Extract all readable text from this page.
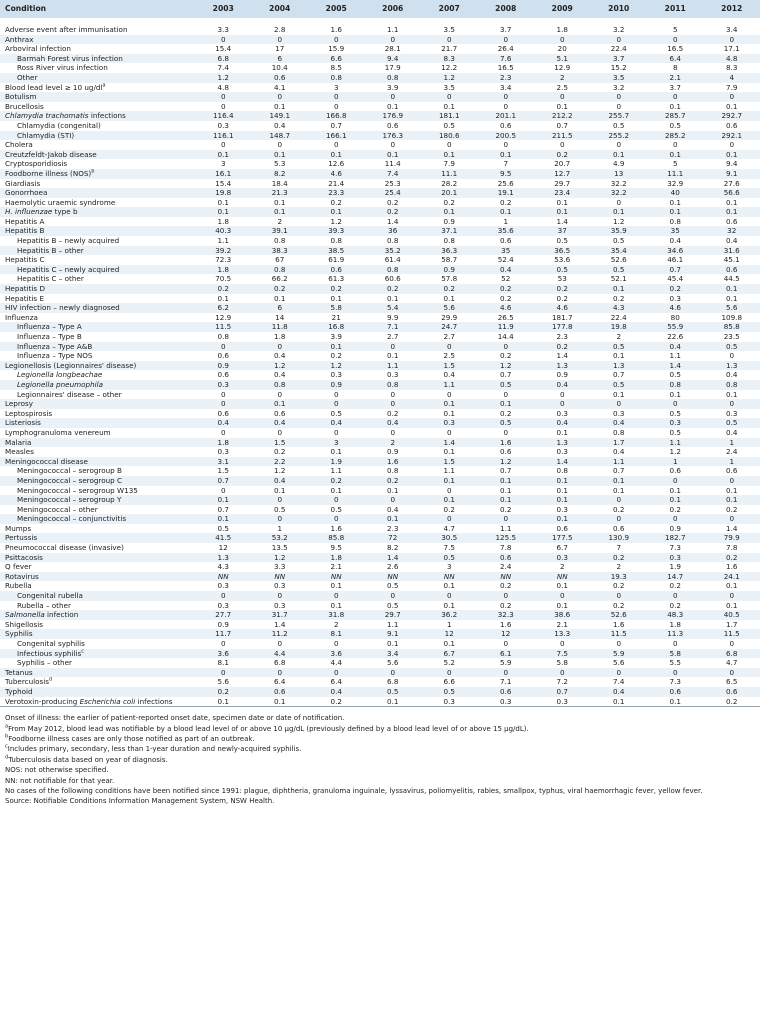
Condition	2003	2004	2005	2006	2007	2008	2009	2010	2011	2012

Adverse event after immunisation	3.3	2.8	1.6	1.1	3.5	3.7	1.8	3.2	5	3.4
Anthrax	0	0	0	0	0	0	0	0	0	0
Arboviral infection	15.4	17	15.9	28.1	21.7	26.4	20	22.4	16.5	17.1
Barmah Forest virus infection	6.8	6	6.6	9.4	8.3	7.6	5.1	3.7	6.4	4.8
Ross River virus infection	7.4	10.4	8.5	17.9	12.2	16.5	12.9	15.2	8	8.3
Other	1.2	0.6	0.8	0.8	1.2	2.3	2	3.5	2.1	4
Blood lead level ≥ 10 $ug/dl^a$	4.8	4.1	3	3.9	3.5	3.4	2.5	3.2	3.7	7.9
Botulism	0	0	0	0	0	0	0	0	0	0
Brucellosis	0	0.1	0	0.1	0.1	0	0.1	0	0.1	0.1
Chlamydia trachomatis infections	116.4	149.1	166.8	176.9	181.1	201.1	212.2	255.7	285.7	292.7
Chlamydia (congenital)	0.3	0.4	0.7	0.6	0.5	0.6	0.7	0.5	0.5	0.6
Chlamydia (STI)	116.1	148.7	166.1	176.3	180.6	200.5	211.5	255.2	285.2	292.1
Cholera	0	0	0	0	0	0	0	0	0	0
Creutzfeldt-Jakob disease	0.1	0.1	0.1	0.1	0.1	0.1	0.2	0.1	0.1	0.1
Cryptosporidiosis	3	5.3	12.6	11.4	7.9	7	20.7	4.9	5	9.4
Foodborne illness (NOS)$^b$	16.1	8.2	4.6	7.4	11.1	9.5	12.7	13	11.1	9.1
Giardiasis	15.4	18.4	21.4	25.3	28.2	25.6	29.7	32.2	32.9	27.6
Gonorrhoea	19.8	21.3	23.3	25.4	20.1	19.1	23.4	32.2	40	56.6
Haemolytic uraemic syndrome	0.1	0.1	0.2	0.2	0.2	0.2	0.1	0	0.1	0.1
H. influenzae type b	0.1	0.1	0.1	0.2	0.1	0.1	0.1	0.1	0.1	0.1
Hepatitis A	1.8	2	1.2	1.4	0.9	1	1.4	1.2	0.8	0.6
Hepatitis B	40.3	39.1	39.3	36	37.1	35.6	37	35.9	35	32
Hepatitis B – newly acquired	1.1	0.8	0.8	0.8	0.8	0.6	0.5	0.5	0.4	0.4
Hepatitis B – other	39.2	38.3	38.5	35.2	36.3	35	36.5	35.4	34.6	31.6
Hepatitis C	72.3	67	61.9	61.4	58.7	52.4	53.6	52.6	46.1	45.1
Hepatitis C – newly acquired	1.8	0.8	0.6	0.8	0.9	0.4	0.5	0.5	0.7	0.6
Hepatitis C – other	70.5	66.2	61.3	60.6	57.8	52	53	52.1	45.4	44.5
Hepatitis D	0.2	0.2	0.2	0.2	0.2	0.2	0.2	0.1	0.2	0.1
Hepatitis E	0.1	0.1	0.1	0.1	0.1	0.2	0.2	0.2	0.3	0.1
HIV infection – newly diagnosed	6.2	6	5.8	5.4	5.6	4.6	4.6	4.3	4.6	5.6
Influenza	12.9	14	21	9.9	29.9	26.5	181.7	22.4	80	109.8
Influenza – Type A	11.5	11.8	16.8	7.1	24.7	11.9	177.8	19.8	55.9	85.8
Influenza – Type B	0.8	1.8	3.9	2.7	2.7	14.4	2.3	2	22.6	23.5
Influenza – Type A&B	0	0	0.1	0	0	0	0.2	0.5	0.4	0.5
Influenza – Type NOS	0.6	0.4	0.2	0.1	2.5	0.2	1.4	0.1	1.1	0
Legionellosis (Legionnaires' disease)	0.9	1.2	1.2	1.1	1.5	1.2	1.3	1.3	1.4	1.3
Legionella longbeachae	0.6	0.4	0.3	0.3	0.4	0.7	0.9	0.7	0.5	0.4
Legionella pneumophila	0.3	0.8	0.9	0.8	1.1	0.5	0.4	0.5	0.8	0.8
Legionnaires' disease – other	0	0	0	0	0	0	0	0.1	0.1	0.1
Leprosy	0	0.1	0	0	0.1	0.1	0	0	0	0
Leptospirosis	0.6	0.6	0.5	0.2	0.1	0.2	0.3	0.3	0.5	0.3
Listeriosis	0.4	0.4	0.4	0.4	0.3	0.5	0.4	0.4	0.3	0.5
Lymphogranuloma venereum	0	0	0	0	0	0	0.1	0.8	0.5	0.4
Malaria	1.8	1.5	3	2	1.4	1.6	1.3	1.7	1.1	1
Measles	0.3	0.2	0.1	0.9	0.1	0.6	0.3	0.4	1.2	2.4
Meningococcal disease	3.1	2.2	1.9	1.6	1.5	1.2	1.4	1.1	1	1
Meningococcal – serogroup B	1.5	1.2	1.1	0.8	1.1	0.7	0.8	0.7	0.6	0.6
Meningococcal – serogroup C	0.7	0.4	0.2	0.2	0.1	0.1	0.1	0.1	0	0
Meningococcal – serogroup W135	0	0.1	0.1	0.1	0	0.1	0.1	0.1	0.1	0.1
Meningococcal – serogroup Y	0.1	0	0	0	0.1	0.1	0.1	0	0.1	0.1
Meningococcal – other	0.7	0.5	0.5	0.4	0.2	0.2	0.3	0.2	0.2	0.2
Meningococcal – conjunctivitis	0.1	0	0	0.1	0	0	0.1	0	0	0
Mumps	0.5	1	1.6	2.3	4.7	1.1	0.6	0.6	0.9	1.4
Pertussis	41.5	53.2	85.8	72	30.5	125.5	177.5	130.9	182.7	79.9
Pneumococcal disease (invasive)	12	13.5	9.5	8.2	7.5	7.8	6.7	7	7.3	7.8
Psittacosis	1.3	1.2	1.8	1.4	0.5	0.6	0.3	0.2	0.3	0.2
Q fever	4.3	3.3	2.1	2.6	3	2.4	2	2	1.9	1.6
Rotavirus	NN	NN	NN	NN	NN	NN	NN	19.3	14.7	24.1
Rubella	0.3	0.3	0.1	0.5	0.1	0.2	0.1	0.2	0.2	0.1
Congenital rubella	0	0	0	0	0	0	0	0	0	0
Rubella – other	0.3	0.3	0.1	0.5	0.1	0.2	0.1	0.2	0.2	0.1
Salmonella infection	27.7	31.7	31.8	29.7	36.2	32.3	38.6	52.6	48.3	40.5
Shigellosis	0.9	1.4	2	1.1	1	1.6	2.1	1.6	1.8	1.7
Syphilis	11.7	11.2	8.1	9.1	12	12	13.3	11.5	11.3	11.5
Congenital syphilis	0	0	0	0.1	0.1	0	0	0	0	0
Infectious syphilis$^c$	3.6	4.4	3.6	3.4	6.7	6.1	7.5	5.9	5.8	6.8
Syphilis – other	8.1	6.8	4.4	5.6	5.2	5.9	5.8	5.6	5.5	4.7
Tetanus	0	0	0	0	0	0	0	0	0	0
Tuberculosis$^d$	5.6	6.4	6.4	6.8	6.6	7.1	7.2	7.4	7.3	6.5
Typhoid	0.2	0.6	0.4	0.5	0.5	0.6	0.7	0.4	0.6	0.6
Verotoxin-producing Escherichia coli infections	0.1	0.1	0.2	0.1	0.3	0.3	0.3	0.1	0.1	0.2
Onset of illness: the earlier of patient-reported onset date, specimen date or date of notification.
$^a$From May 2012, blood lead was notifiable by a blood lead level of or above 10 μg/dL (previously defined by a blood lead level of or above 15 μg/dL).
$^b$Foodborne illness cases are only those notified as part of an outbreak.
$^c$Includes primary, secondary, less than 1-year duration and newly-acquired syphilis.
$^d$Tuberculosis data based on year of diagnosis.
NOS: not otherwise specified.
NN: not notifiable for that year.
No cases of the following conditions have been notified since 1991: plague, diphtheria, granuloma inguinale, lyssavirus, poliomyelitis, rabies, smallpox, typhus, viral haemorrhagic fever, yellow fever.
Source: Notifiable Conditions Information Management System, NSW Health.
